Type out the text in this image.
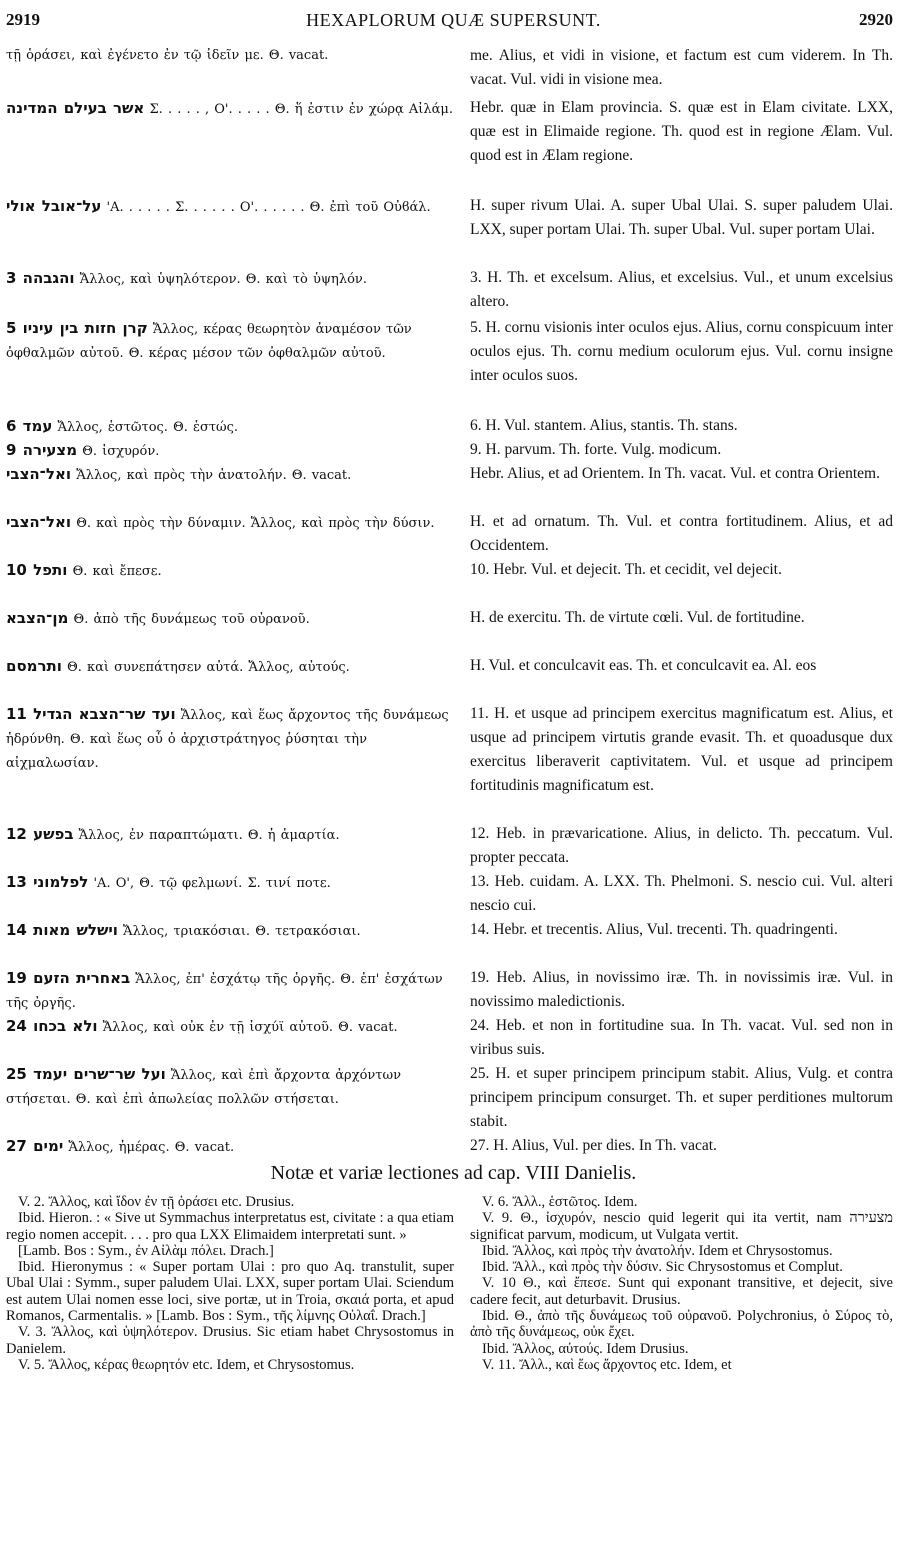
2919	HEXAPLORUM QUÆ SUPERSUNT.	2920
τῇ ὁράσει, καὶ ἐγένετο ἐν τῷ ἰδεῖν με. Θ. vacat.
אשר בעילם המדינה Σ. . . . . , Ο'. . . . . Θ. ἥ ἐστιν ἐν χώρᾳ Αἰλάμ.
על־אובל אולי 'Α. . . . . . Σ. . . . . . Ο'. . . . . . Θ. ἐπὶ τοῦ Οὐϐάλ.
והגבהה 3 Ἄλλος, καὶ ὑψηλότερον. Θ. καὶ τὸ ὑψηλόν.
קרן חזות בין עיניו 5 Ἄλλος, κέρας θεωρητὸν ἀναμέσον τῶν ὀφθαλμῶν αὐτοῦ. Θ. κέρας μέσον τῶν ὀφθαλμῶν αὐτοῦ.
עמד 6 Ἄλλος, ἑστῶτος. Θ. ἑστώς.
מצעירה 9 Θ. ἰσχυρόν.
ואל־הצבי Ἄλλος, καὶ πρὸς τὴν ἀνατολήν. Θ. vacat.
ואל־הצבי Θ. καὶ πρὸς τὴν δύναμιν. Ἄλλος, καὶ πρὸς τὴν δύσιν.
ותפל 10 Θ. καὶ ἔπεσε.
מן־הצבא Θ. ἀπὸ τῆς δυνάμεως τοῦ οὐρανοῦ.
ותרמסם Θ. καὶ συνεπάτησεν αὐτά. Ἄλλος, αὐτούς.
ועד שר־הצבא הגדיל 11 Ἄλλος, καὶ ἕως ἄρχοντος τῆς δυνάμεως ἡδρύνθη. Θ. καὶ ἕως οὗ ὁ ἀρχιστράτηγος ῥύσηται τὴν αἰχμαλωσίαν.
בפשע 12 Ἄλλος, ἐν παραπτώματι. Θ. ἡ ἁμαρτία.
לפלמוני 13 'Α. Ο', Θ. τῷ φελμωνί. Σ. τινί ποτε.
וישלש מאות 14 Ἄλλος, τριακόσιαι. Θ. τετρακόσιαι.
באחרית הזעם 19 Ἄλλος, ἐπ' ἐσχάτῳ τῆς ὀργῆς. Θ. ἐπ' ἐσχάτων τῆς ὀργῆς.
ולא בכחו 24 Ἄλλος, καὶ οὐκ ἐν τῇ ἰσχύϊ αὐτοῦ. Θ. vacat.
ועל שר־שרים יעמד 25 Ἄλλος, καὶ ἐπὶ ἄρχοντα ἀρχόντων στήσεται. Θ. καὶ ἐπὶ ἀπωλείας πολλῶν στήσεται.
ימים 27 Ἄλλος, ἡμέρας. Θ. vacat.
me. Alius, et vidi in visione, et factum est cum viderem. In Th. vacat. Vul. vidi in visione mea.
Hebr. quæ in Elam provincia. S. quæ est in Elam civitate. LXX, quæ est in Elimaide regione. Th. quod est in regione Ælam. Vul. quod est in Ælam regione.
H. super rivum Ulai. A. super Ubal Ulai. S. super paludem Ulai. LXX, super portam Ulai. Th. super Ubal. Vul. super portam Ulai.
3. H. Th. et excelsum. Alius, et excelsius. Vul., et unum excelsius altero.
5. H. cornu visionis inter oculos ejus. Alius, cornu conspicuum inter oculos ejus. Th. cornu medium oculorum ejus. Vul. cornu insigne inter oculos suos.
6. H. Vul. stantem. Alius, stantis. Th. stans.
9. H. parvum. Th. forte. Vulg. modicum.
Hebr. Alius, et ad Orientem. In Th. vacat. Vul. et contra Orientem.
H. et ad ornatum. Th. Vul. et contra fortitudinem. Alius, et ad Occidentem.
10. Hebr. Vul. et dejecit. Th. et cecidit, vel dejecit.
H. de exercitu. Th. de virtute cœli. Vul. de fortitudine.
H. Vul. et conculcavit eas. Th. et conculcavit ea. Al. eos
11. H. et usque ad principem exercitus magnificatum est. Alius, et usque ad principem virtutis grande evasit. Th. et quoadusque dux exercitus liberaverit captivitatem. Vul. et usque ad principem fortitudinis magnificatum est.
12. Heb. in prævaricatione. Alius, in delicto. Th. peccatum. Vul. propter peccata.
13. Heb. cuidam. A. LXX. Th. Phelmoni. S. nescio cui. Vul. alteri nescio cui.
14. Hebr. et trecentis. Alius, Vul. trecenti. Th. quadringenti.
19. Heb. Alius, in novissimo iræ. Th. in novissimis iræ. Vul. in novissimo maledictionis.
24. Heb. et non in fortitudine sua. In Th. vacat. Vul. sed non in viribus suis.
25. H. et super principem principum stabit. Alius, Vulg. et contra principem principum consurget. Th. et super perditiones multorum stabit.
27. H. Alius, Vul. per dies. In Th. vacat.
Notæ et variæ lectiones ad cap. VIII Danielis.

V. 2. Ἄλλος, καὶ ἴδον ἐν τῇ ὁράσει etc. Drusius.

Ibid. Hieron. : « Sive ut Symmachus interpretatus est, civitate : a qua etiam regio nomen accepit. . . . pro qua LXX Elimaidem interpretati sunt. »

[Lamb. Bos : Sym., ἐν Αἰλὰμ πόλει. Drach.]

Ibid. Hieronymus : « Super portam Ulai : pro quo Aq. transtulit, super Ubal Ulai : Symm., super paludem Ulai. LXX, super portam Ulai. Sciendum est autem Ulai nomen esse loci, sive portæ, ut in Troia, σκαιά porta, et apud Romanos, Carmentalis. » [Lamb. Bos : Sym., τῆς λίμνης Οὐλαΐ. Drach.]

V. 3. Ἄλλος, καὶ ὑψηλότερον. Drusius. Sic etiam habet Chrysostomus in Danielem.

V. 5. Ἄλλος, κέρας θεωρητόν etc. Idem, et Chrysostomus.

V. 6. Ἄλλ., ἑστῶτος. Idem.

V. 9. Θ., ἰσχυρόν, nescio quid legerit qui ita vertit, nam מצעירה significat parvum, modicum, ut Vulgata vertit.

Ibid. Ἄλλος, καὶ πρὸς τὴν ἀνατολήν. Idem et Chrysostomus.

Ibid. Ἄλλ., καὶ πρὸς τὴν δύσιν. Sic Chrysostomus et Complut.

V. 10 Θ., καὶ ἔπεσε. Sunt qui exponant transitive, et dejecit, sive cadere fecit, aut deturbavit. Drusius.

Ibid. Θ., ἀπὸ τῆς δυνάμεως τοῦ οὐρανοῦ. Polychronius, ὁ Σύρος τὸ, ἀπὸ τῆς δυνάμεως, οὐκ ἔχει.

Ibid. Ἄλλος, αὐτούς. Idem Drusius.

V. 11. Ἄλλ., καὶ ἕως ἄρχοντος etc. Idem, et
